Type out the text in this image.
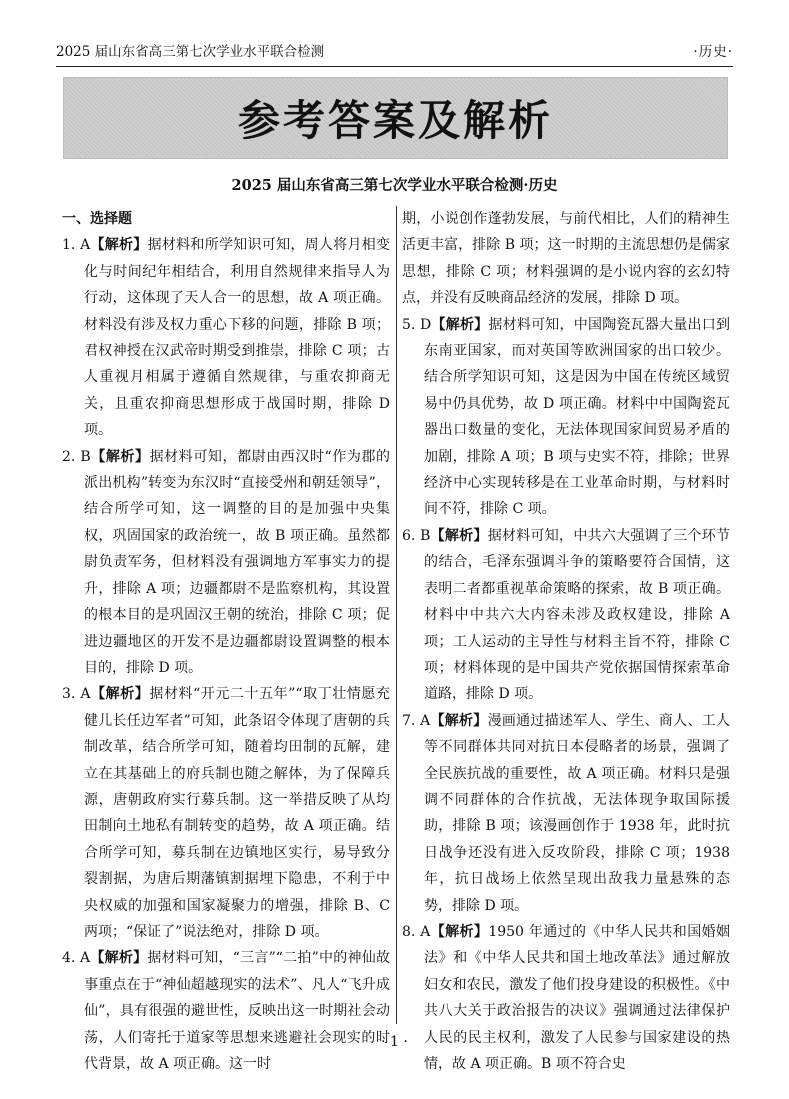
2025 届山东省高三第七次学业水平联合检测	·历史·
参考答案及解析
2025 届山东省高三第七次学业水平联合检测·历史
一、选择题
1. A【解析】据材料和所学知识可知，周人将月相变化与时间纪年相结合，利用自然规律来指导人为行动，这体现了天人合一的思想，故 A 项正确。材料没有涉及权力重心下移的问题，排除 B 项；君权神授在汉武帝时期受到推崇，排除 C 项；古人重视月相属于遵循自然规律，与重农抑商无关，且重农抑商思想形成于战国时期，排除 D 项。
2. B【解析】据材料可知，都尉由西汉时“作为郡的派出机构”转变为东汉时“直接受州和朝廷领导”，结合所学可知，这一调整的目的是加强中央集权，巩固国家的政治统一，故 B 项正确。虽然都尉负责军务，但材料没有强调地方军事实力的提升，排除 A 项；边疆都尉不是监察机构，其设置的根本目的是巩固汉王朝的统治，排除 C 项；促进边疆地区的开发不是边疆都尉设置调整的根本目的，排除 D 项。
3. A【解析】据材料“开元二十五年”“取丁壮情愿充健儿长任边军者”可知，此条诏令体现了唐朝的兵制改革，结合所学可知，随着均田制的瓦解，建立在其基础上的府兵制也随之解体，为了保障兵源，唐朝政府实行募兵制。这一举措反映了从均田制向土地私有制转变的趋势，故 A 项正确。结合所学可知，募兵制在边镇地区实行，易导致分裂割据，为唐后期藩镇割据埋下隐患，不利于中央权威的加强和国家凝聚力的增强，排除 B、C 两项；“保证了”说法绝对，排除 D 项。
4. A【解析】据材料可知，“三言”“二拍”中的神仙故事重点在于“神仙超越现实的法术”、凡人“飞升成仙”，具有很强的避世性，反映出这一时期社会动荡，人们寄托于道家等思想来逃避社会现实的时代背景，故 A 项正确。这一时
期，小说创作蓬勃发展，与前代相比，人们的精神生活更丰富，排除 B 项；这一时期的主流思想仍是儒家思想，排除 C 项；材料强调的是小说内容的玄幻特点，并没有反映商品经济的发展，排除 D 项。
5. D【解析】据材料可知，中国陶瓷瓦器大量出口到东南亚国家，而对英国等欧洲国家的出口较少。结合所学知识可知，这是因为中国在传统区域贸易中仍具优势，故 D 项正确。材料中中国陶瓷瓦器出口数量的变化，无法体现国家间贸易矛盾的加剧，排除 A 项；B 项与史实不符，排除；世界经济中心实现转移是在工业革命时期，与材料时间不符，排除 C 项。
6. B【解析】据材料可知，中共六大强调了三个环节的结合，毛泽东强调斗争的策略要符合国情，这表明二者都重视革命策略的探索，故 B 项正确。材料中中共六大内容未涉及政权建设，排除 A 项；工人运动的主导性与材料主旨不符，排除 C 项；材料体现的是中国共产党依据国情探索革命道路，排除 D 项。
7. A【解析】漫画通过描述军人、学生、商人、工人等不同群体共同对抗日本侵略者的场景，强调了全民族抗战的重要性，故 A 项正确。材料只是强调不同群体的合作抗战，无法体现争取国际援助，排除 B 项；该漫画创作于 1938 年，此时抗日战争还没有进入反攻阶段，排除 C 项；1938 年，抗日战场上依然呈现出敌我力量悬殊的态势，排除 D 项。
8. A【解析】1950 年通过的《中华人民共和国婚姻法》和《中华人民共和国土地改革法》通过解放妇女和农民，激发了他们投身建设的积极性。《中共八大关于政治报告的决议》强调通过法律保护人民的民主权利，激发了人民参与国家建设的热情，故 A 项正确。B 项不符合史
· 1 ·
